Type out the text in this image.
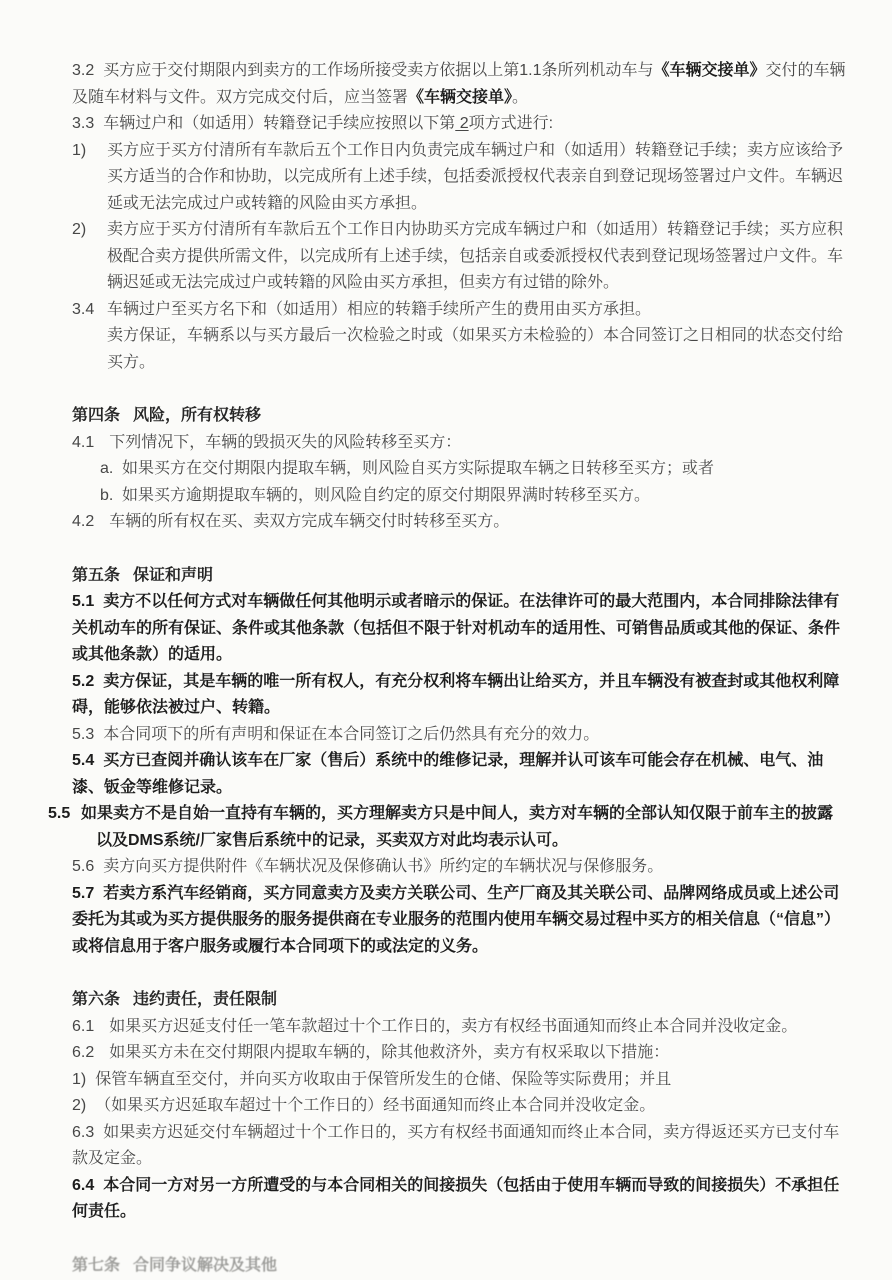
3.2 买方应于交付期限内到卖方的工作场所接受卖方依据以上第1.1条所列机动车与《车辆交接单》交付的车辆及随车材料与文件。双方完成交付后，应当签署《车辆交接单》。
3.3 车辆过户和（如适用）转籍登记手续应按照以下第 2项方式进行:
1) 买方应于买方付清所有车款后五个工作日内负责完成车辆过户和（如适用）转籍登记手续；卖方应该给予买方适当的合作和协助，以完成所有上述手续，包括委派授权代表亲自到登记现场签署过户文件。车辆迟延或无法完成过户或转籍的风险由买方承担。
2) 卖方应于买方付清所有车款后五个工作日内协助买方完成车辆过户和（如适用）转籍登记手续；买方应积极配合卖方提供所需文件，以完成所有上述手续，包括亲自或委派授权代表到登记现场签署过户文件。车辆迟延或无法完成过户或转籍的风险由买方承担，但卖方有过错的除外。
3.4 车辆过户至买方名下和（如适用）相应的转籍手续所产生的费用由买方承担。
卖方保证，车辆系以与买方最后一次检验之时或（如果买方未检验的）本合同签订之日相同的状态交付给买方。
第四条 风险，所有权转移
4.1 下列情况下，车辆的毁损灭失的风险转移至买方：
a. 如果买方在交付期限内提取车辆，则风险自买方实际提取车辆之日转移至买方；或者
b. 如果买方逾期提取车辆的，则风险自约定的原交付期限界满时转移至买方。
4.2 车辆的所有权在买、卖双方完成车辆交付时转移至买方。
第五条 保证和声明
5.1 卖方不以任何方式对车辆做任何其他明示或者暗示的保证。在法律许可的最大范围内，本合同排除法律有关机动车的所有保证、条件或其他条款（包括但不限于针对机动车的适用性、可销售品质或其他的保证、条件或其他条款）的适用。
5.2 卖方保证，其是车辆的唯一所有权人，有充分权利将车辆出让给买方，并且车辆没有被查封或其他权利障碍，能够依法被过户、转籍。
5.3 本合同项下的所有声明和保证在本合同签订之后仍然具有充分的效力。
5.4 买方已查阅并确认该车在厂家（售后）系统中的维修记录，理解并认可该车可能会存在机械、电气、油漆、钣金等维修记录。
5.5 如果卖方不是自始一直持有车辆的，买方理解卖方只是中间人，卖方对车辆的全部认知仅限于前车主的披露以及DMS系统/厂家售后系统中的记录，买卖双方对此均表示认可。
5.6 卖方向买方提供附件《车辆状况及保修确认书》所约定的车辆状况与保修服务。
5.7 若卖方系汽车经销商，买方同意卖方及卖方关联公司、生产厂商及其关联公司、品牌网络成员或上述公司委托为其或为买方提供服务的服务提供商在专业服务的范围内使用车辆交易过程中买方的相关信息（“信息”）或将信息用于客户服务或履行本合同项下的或法定的义务。
第六条 违约责任，责任限制
6.1 如果买方迟延支付任一笔车款超过十个工作日的，卖方有权经书面通知而终止本合同并没收定金。
6.2 如果买方未在交付期限内提取车辆的，除其他救济外，卖方有权采取以下措施：
1) 保管车辆直至交付，并向买方收取由于保管所发生的仓储、保险等实际费用；并且
2) （如果买方迟延取车超过十个工作日的）经书面通知而终止本合同并没收定金。
6.3 如果卖方迟延交付车辆超过十个工作日的，买方有权经书面通知而终止本合同，卖方得返还买方已支付车款及定金。
6.4 本合同一方对另一方所遭受的与本合同相关的间接损失（包括由于使用车辆而导致的间接损失）不承担任何责任。
第七条 合同争议解决及其他
